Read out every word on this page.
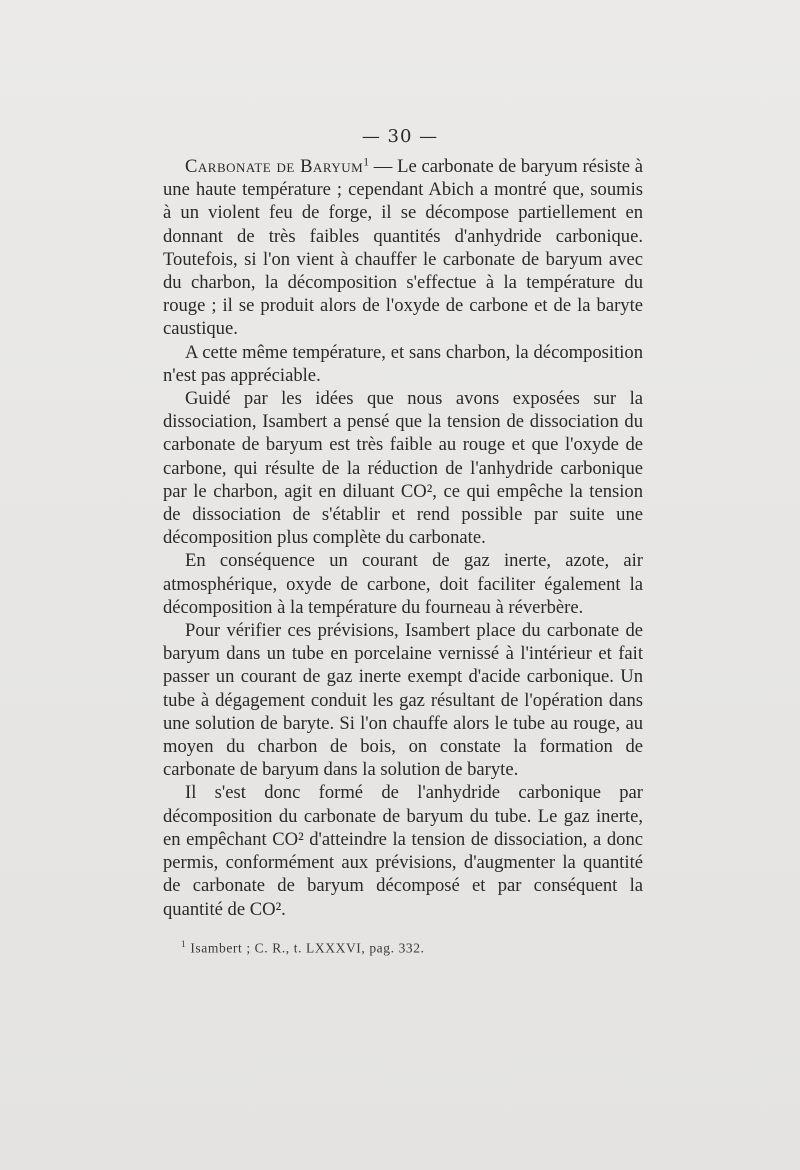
— 30 —

Carbonate de Baryum$^1$ — Le carbonate de baryum résiste à une haute température ; cependant Abich a montré que, soumis à un violent feu de forge, il se décompose partiellement en donnant de très faibles quantités d'anhydride carbonique. Toutefois, si l'on vient à chauffer le carbonate de baryum avec du charbon, la décomposition s'effectue à la température du rouge ; il se produit alors de l'oxyde de carbone et de la baryte caustique.

A cette même température, et sans charbon, la décomposition n'est pas appréciable.

Guidé par les idées que nous avons exposées sur la dissociation, Isambert a pensé que la tension de dissociation du carbonate de baryum est très faible au rouge et que l'oxyde de carbone, qui résulte de la réduction de l'anhydride carbonique par le charbon, agit en diluant CO², ce qui empêche la tension de dissociation de s'établir et rend possible par suite une décomposition plus complète du carbonate.

En conséquence un courant de gaz inerte, azote, air atmosphérique, oxyde de carbone, doit faciliter également la décomposition à la température du fourneau à réverbère.

Pour vérifier ces prévisions, Isambert place du carbonate de baryum dans un tube en porcelaine vernissé à l'intérieur et fait passer un courant de gaz inerte exempt d'acide carbonique. Un tube à dégagement conduit les gaz résultant de l'opération dans une solution de baryte. Si l'on chauffe alors le tube au rouge, au moyen du charbon de bois, on constate la formation de carbonate de baryum dans la solution de baryte.

Il s'est donc formé de l'anhydride carbonique par décomposition du carbonate de baryum du tube. Le gaz inerte, en empêchant CO² d'atteindre la tension de dissociation, a donc permis, conformément aux prévisions, d'augmenter la quantité de carbonate de baryum décomposé et par conséquent la quantité de CO².

$^1$ Isambert ; C. R., t. LXXXVI, pag. 332.
